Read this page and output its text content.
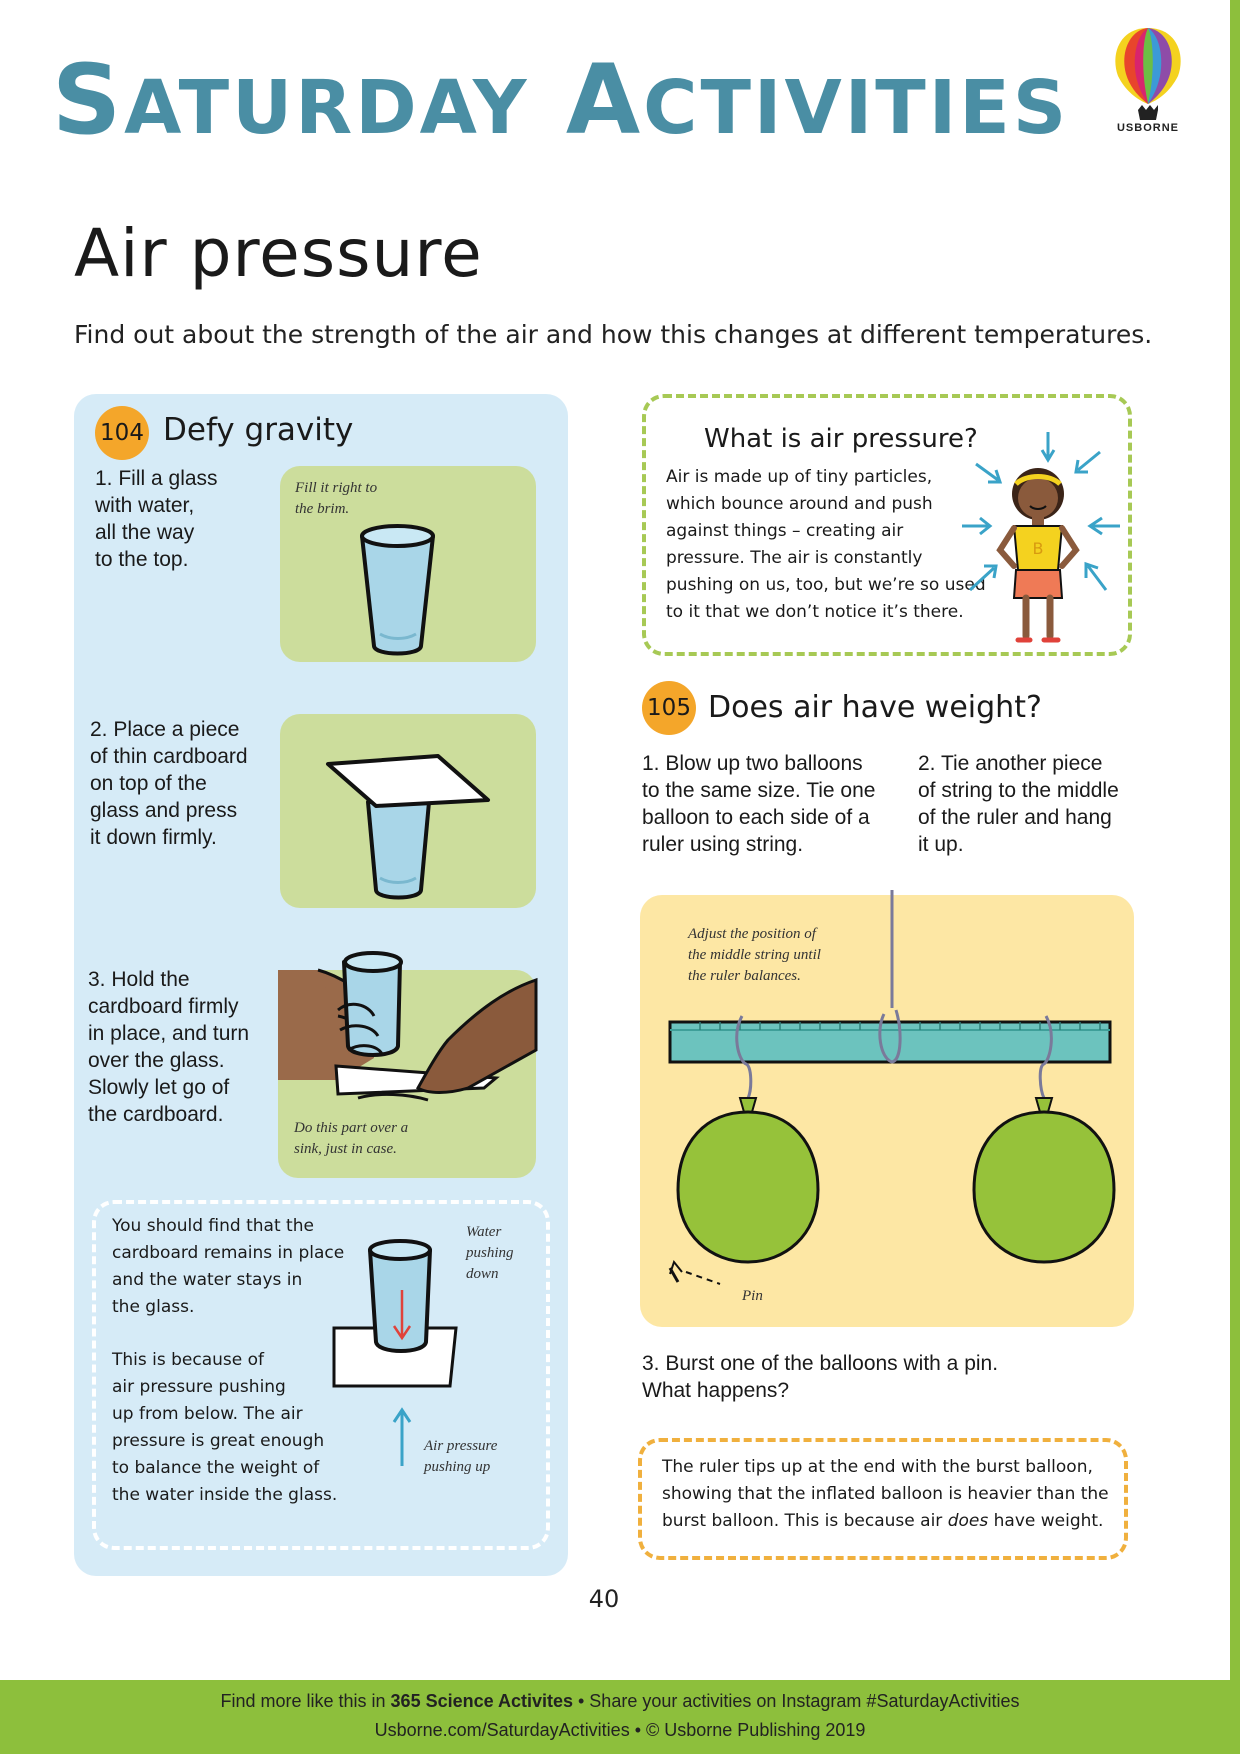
SATURDAY ACTIVITIES	USBORNE
Air pressure
Find out about the strength of the air and how this changes at different temperatures.
104 Defy gravity
1. Fill a glass
with water,
all the way
to the top.
Fill it right to
the brim.
2. Place a piece
of thin cardboard
on top of the
glass and press
it down firmly.
3. Hold the
cardboard firmly
in place, and turn
over the glass.
Slowly let go of
the cardboard.
Do this part over a
sink, just in case.
You should find that the
cardboard remains in place
and the water stays in
the glass.
This is because of
air pressure pushing
up from below. The air
pressure is great enough
to balance the weight of
the water inside the glass.
Water
pushing
down
Air pressure
pushing up
What is air pressure?
Air is made up of tiny particles,
which bounce around and push
against things – creating air
pressure. The air is constantly
pushing on us, too, but we’re so used
to it that we don’t notice it’s there.
B
105 Does air have weight?
1. Blow up two balloons
to the same size. Tie one
balloon to each side of a
ruler using string.
2. Tie another piece
of string to the middle
of the ruler and hang
it up.
Adjust the position of
the middle string until
the ruler balances.
Pin
3. Burst one of the balloons with a pin.
What happens?
The ruler tips up at the end with the burst balloon,
showing that the inflated balloon is heavier than the
burst balloon. This is because air does have weight.
40
Find more like this in 365 Science Activites • Share your activities on Instagram #SaturdayActivities
Usborne.com/SaturdayActivities • © Usborne Publishing 2019
